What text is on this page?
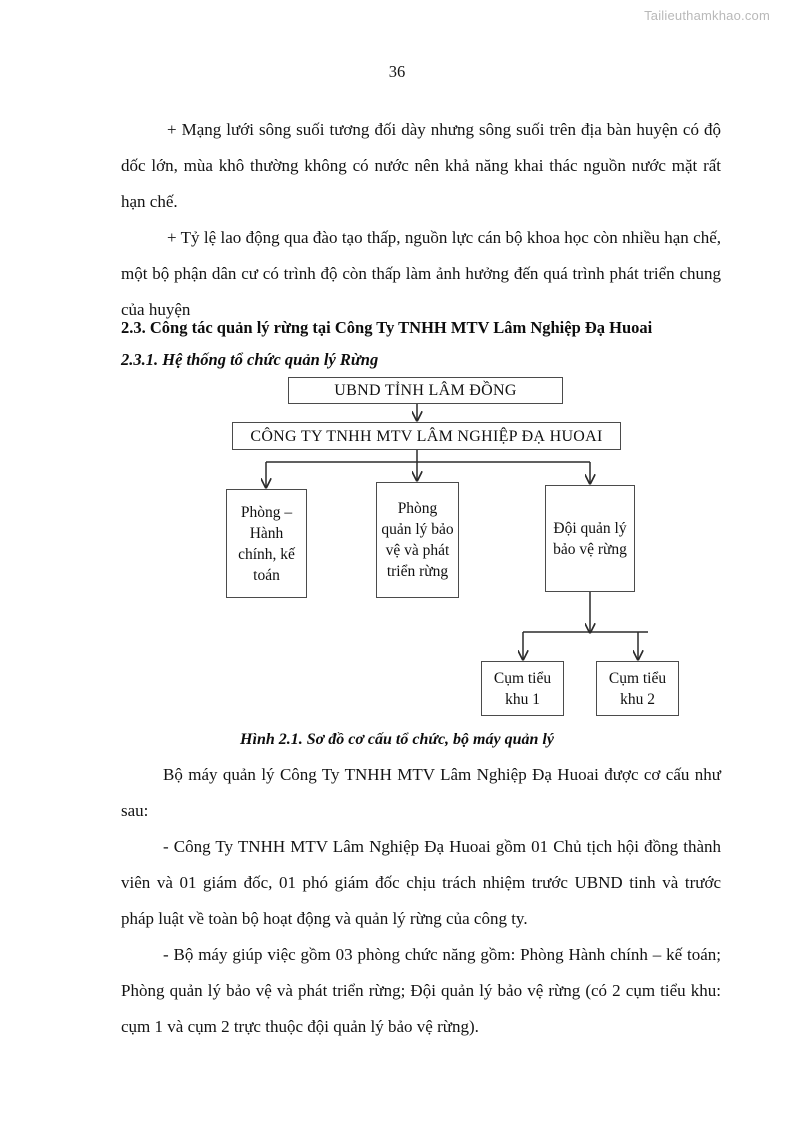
Tailieuthamkhao.com
36

+ Mạng lưới sông suối tương đối dày nhưng sông suối trên địa bàn huyện có độ dốc lớn, mùa khô thường không có nước nên khả năng khai thác nguồn nước mặt rất hạn chế.

+ Tỷ lệ lao động qua đào tạo thấp, nguồn lực cán bộ khoa học còn nhiều hạn chế, một bộ phận dân cư có trình độ còn thấp làm ảnh hưởng đến quá trình phát triển chung của huyện

2.3. Công tác quản lý rừng tại Công Ty TNHH MTV Lâm Nghiệp Đạ Huoai

2.3.1. Hệ thống tổ chức quản lý Rừng

UBND TỈNH LÂM ĐỒNG
CÔNG TY TNHH MTV LÂM NGHIỆP ĐẠ HUOAI
Phòng – Hành chính, kế toán
Phòng quản lý bảo vệ và phát triển rừng
Đội quản lý bảo vệ rừng
Cụm tiểu khu 1
Cụm tiểu khu 2
Hình 2.1. Sơ đồ cơ cấu tổ chức, bộ máy quản lý

Bộ máy quản lý Công Ty TNHH MTV Lâm Nghiệp Đạ Huoai được cơ cấu như sau:

- Công Ty TNHH MTV Lâm Nghiệp Đạ Huoai gồm 01 Chủ tịch hội đồng thành viên và 01 giám đốc, 01 phó giám đốc chịu trách nhiệm trước UBND tinh và trước pháp luật về toàn bộ hoạt động và quản lý rừng của công ty.

- Bộ máy giúp việc gồm 03 phòng chức năng gồm: Phòng Hành chính – kế toán; Phòng quản lý bảo vệ và phát triển rừng; Đội quản lý bảo vệ rừng (có 2 cụm tiểu khu: cụm 1 và cụm 2 trực thuộc đội quản lý bảo vệ rừng).
